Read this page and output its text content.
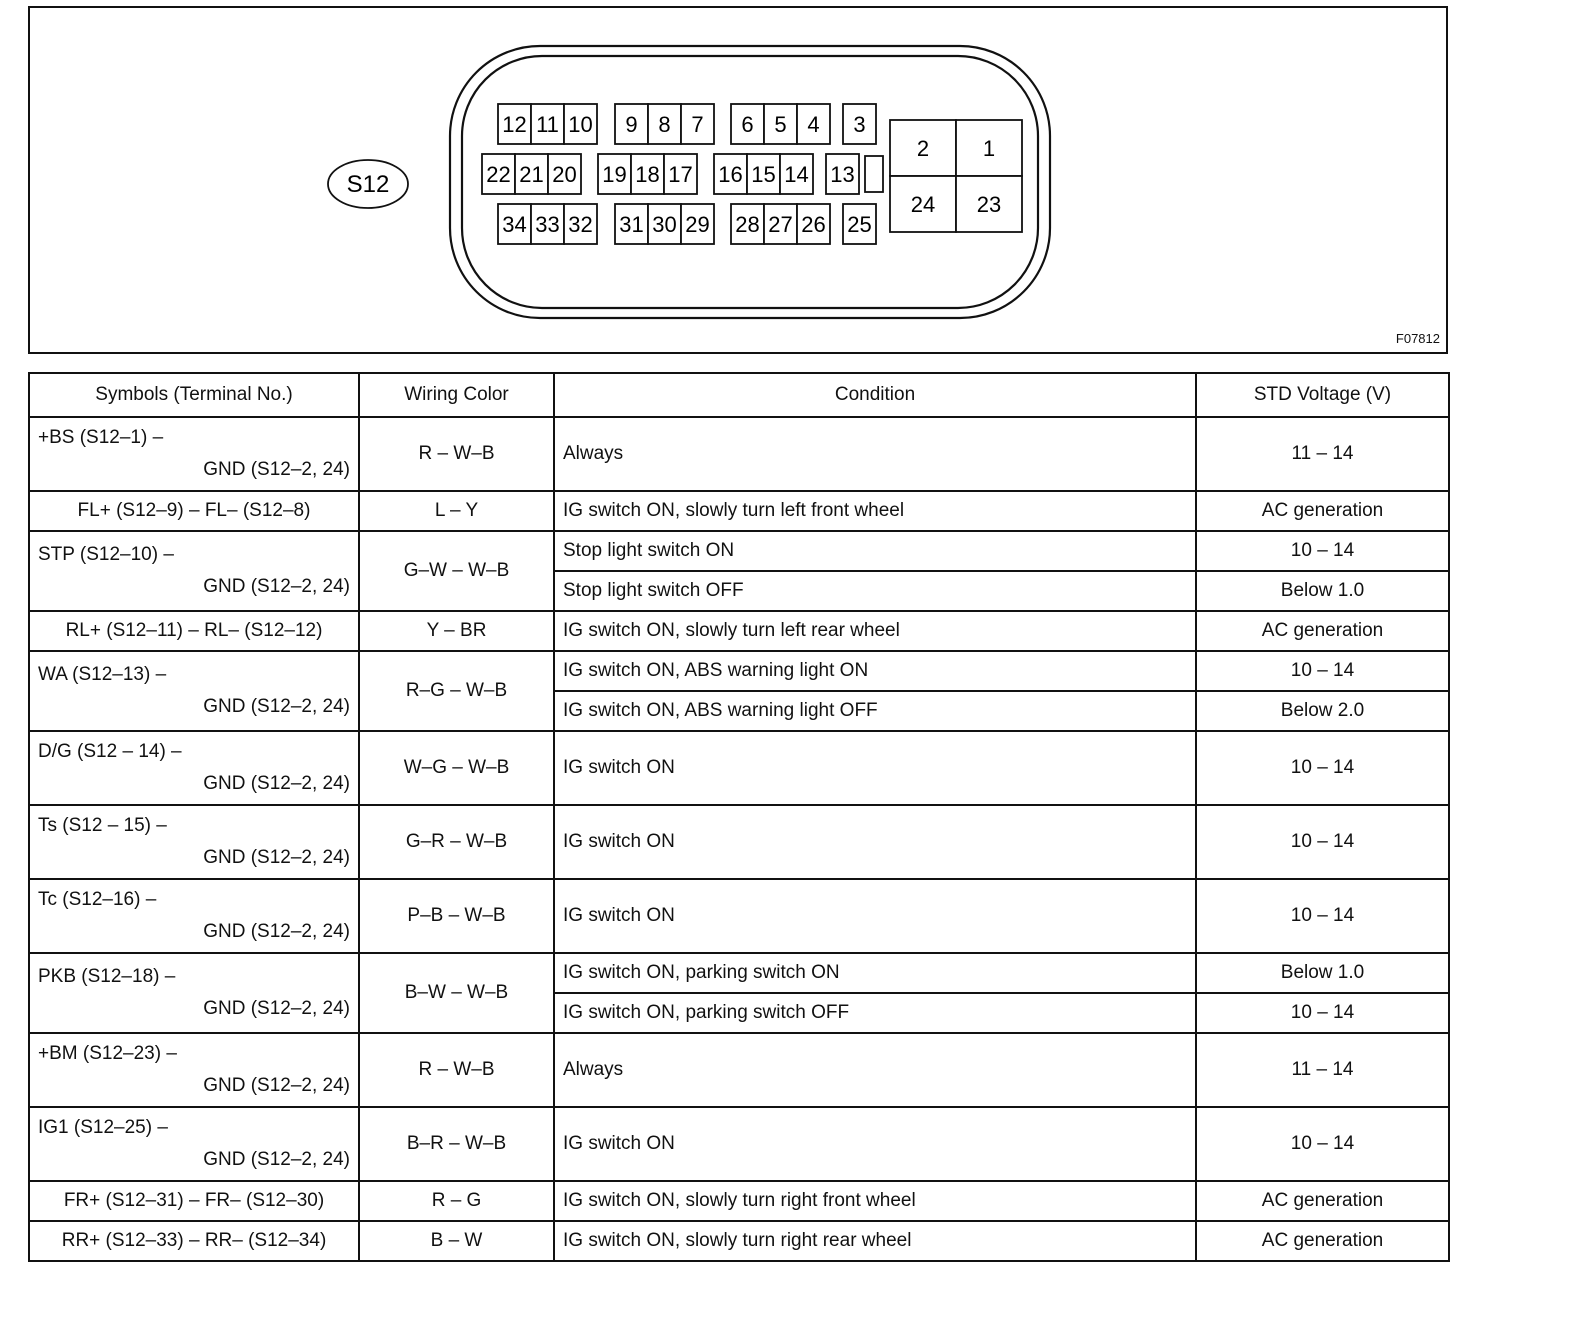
S12
12 11 10 9 8 7 6 5 4 3
22 21 20 19 18 17 16 15 14 13
34 33 32 31 30 29 28 27 26 25
2 1
24 23
F07812
Symbols (Terminal No.)	Wiring Color	Condition	STD Voltage (V)

+BS (S12–1) –
GND (S12–2, 24)	R – W–B	Always	11 – 14
FL+ (S12–9) – FL– (S12–8)	L – Y	IG switch ON, slowly turn left front wheel	AC generation

STP (S12–10) –
GND (S12–2, 24)	G–W – W–B	Stop light switch ON	10 – 14
		Stop light switch OFF	Below 1.0
RL+ (S12–11) – RL– (S12–12)	Y – BR	IG switch ON, slowly turn left rear wheel	AC generation

WA (S12–13) –
GND (S12–2, 24)	R–G – W–B	IG switch ON, ABS warning light ON	10 – 14
		IG switch ON, ABS warning light OFF	Below 2.0

D/G (S12 – 14) –
GND (S12–2, 24)	W–G – W–B	IG switch ON	10 – 14

Ts (S12 – 15) –
GND (S12–2, 24)	G–R – W–B	IG switch ON	10 – 14

Tc (S12–16) –
GND (S12–2, 24)	P–B – W–B	IG switch ON	10 – 14

PKB (S12–18) –
GND (S12–2, 24)	B–W – W–B	IG switch ON, parking switch ON	Below 1.0
		IG switch ON, parking switch OFF	10 – 14

+BM (S12–23) –
GND (S12–2, 24)	R – W–B	Always	11 – 14

IG1 (S12–25) –
GND (S12–2, 24)	B–R – W–B	IG switch ON	10 – 14
FR+ (S12–31) – FR– (S12–30)	R – G	IG switch ON, slowly turn right front wheel	AC generation
RR+ (S12–33) – RR– (S12–34)	B – W	IG switch ON, slowly turn right rear wheel	AC generation
